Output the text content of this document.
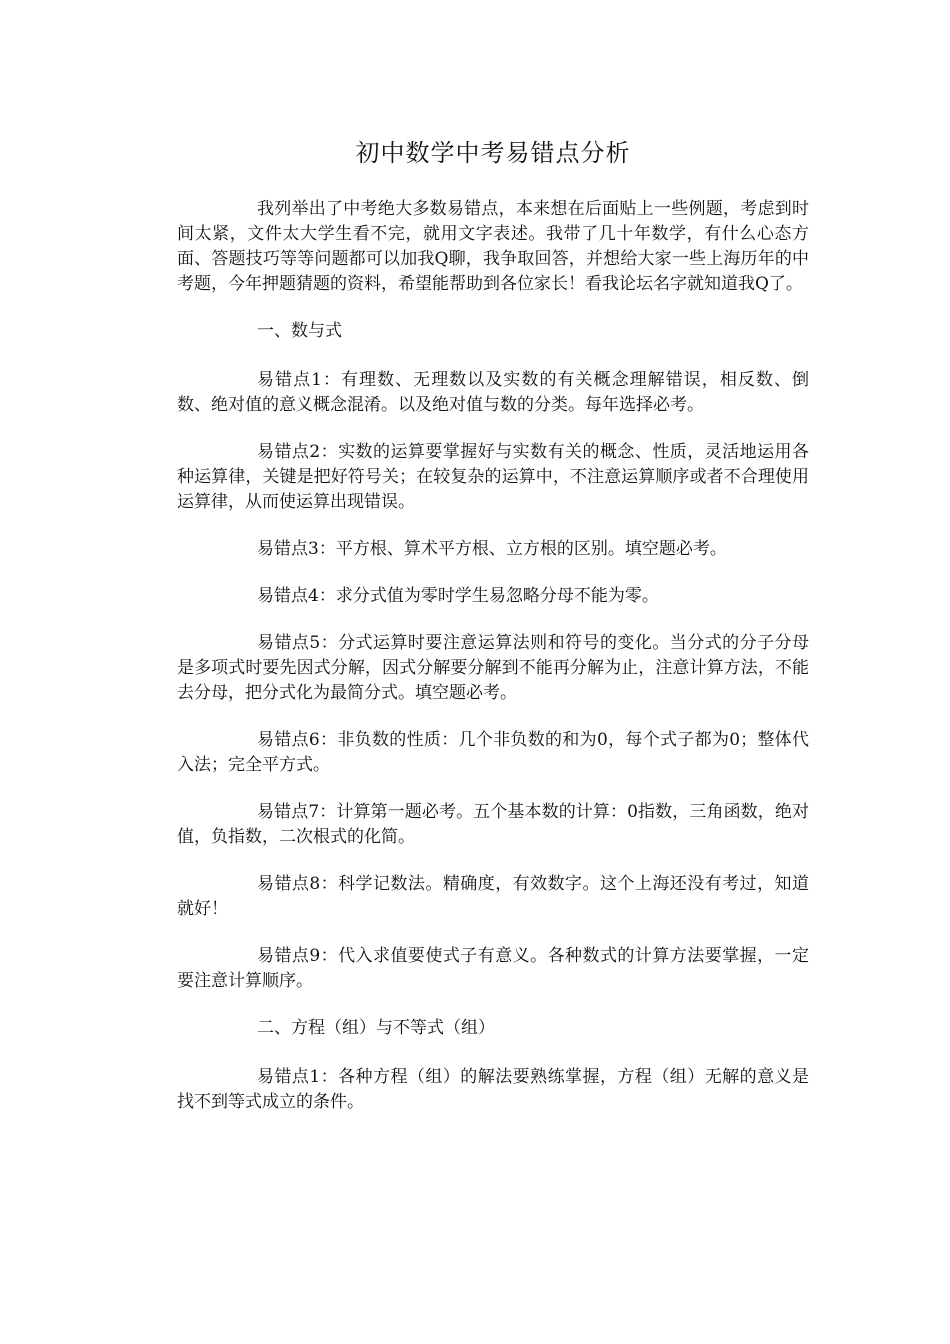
初中数学中考易错点分析

我列举出了中考绝大多数易错点，本来想在后面贴上一些例题，考虑到时间太紧，文件太大学生看不完，就用文字表述。我带了几十年数学，有什么心态方面、答题技巧等等问题都可以加我Q聊，我争取回答，并想给大家一些上海历年的中考题，今年押题猜题的资料，希望能帮助到各位家长！看我论坛名字就知道我Q了。

一、数与式

易错点1：有理数、无理数以及实数的有关概念理解错误，相反数、倒数、绝对值的意义概念混淆。以及绝对值与数的分类。每年选择必考。

易错点2：实数的运算要掌握好与实数有关的概念、性质，灵活地运用各种运算律，关键是把好符号关；在较复杂的运算中，不注意运算顺序或者不合理使用运算律，从而使运算出现错误。

易错点3：平方根、算术平方根、立方根的区别。填空题必考。

易错点4：求分式值为零时学生易忽略分母不能为零。

易错点5：分式运算时要注意运算法则和符号的变化。当分式的分子分母是多项式时要先因式分解，因式分解要分解到不能再分解为止，注意计算方法，不能去分母，把分式化为最简分式。填空题必考。

易错点6：非负数的性质：几个非负数的和为0，每个式子都为0；整体代入法；完全平方式。

易错点7：计算第一题必考。五个基本数的计算：0指数，三角函数，绝对值，负指数，二次根式的化简。

易错点8：科学记数法。精确度，有效数字。这个上海还没有考过，知道就好！

易错点9：代入求值要使式子有意义。各种数式的计算方法要掌握，一定要注意计算顺序。

二、方程（组）与不等式（组）

易错点1：各种方程（组）的解法要熟练掌握，方程（组）无解的意义是找不到等式成立的条件。
